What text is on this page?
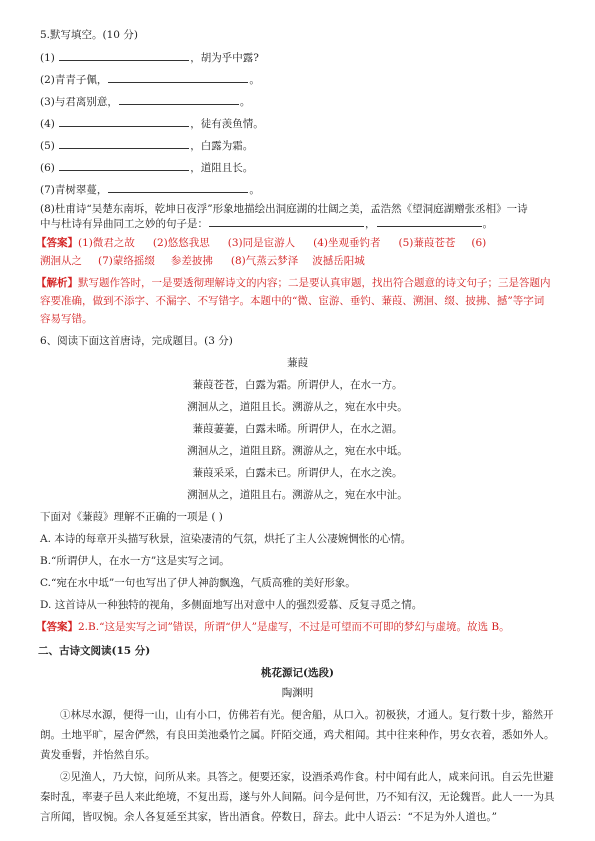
5.默写填空。(10 分)
(1)	，胡为乎中露?
(2)青青子佩，	。
(3)与君离别意，	。
(4)	，徒有羡鱼情。
(5)	，白露为霜。
(6)	，道阻且长。
(7)青树翠蔓，	。
(8)杜甫诗“吴楚东南坼，乾坤日夜浮”形象地描绘出洞庭湖的壮阔之美，孟浩然《望洞庭湖赠张丞相》一诗
中与杜诗有异曲同工之妙的句子是：	，	。
【答案】(1)微君之故 (2)悠悠我思 (3)同是宦游人 (4)坐观垂钓者 (5)蒹葭苍苍 (6)
溯洄从之 (7)蒙络摇缀 参差披拂 (8)气蒸云梦泽 波撼岳阳城
【解析】默写题作答时，一是要透彻理解诗文的内容；二是要认真审题，找出符合题意的诗文句子；三是答题内
容要准确，做到不添字、不漏字、不写错字。本题中的“微、宦游、垂钓、蒹葭、溯洄、缀、披拂、撼”等字词
容易写错。
6、阅读下面这首唐诗，完成题目。(3 分)
蒹葭
蒹葭苍苍，白露为霜。所谓伊人，在水一方。
溯洄从之，道阻且长。溯游从之，宛在水中央。
蒹葭萋萋，白露未晞。所谓伊人，在水之湄。
溯洄从之，道阻且跻。溯游从之，宛在水中坻。
蒹葭采采，白露未已。所谓伊人，在水之涘。
溯洄从之，道阻且右。溯游从之，宛在水中沚。
下面对《蒹葭》理解不正确的一项是 ( )
A. 本诗的每章开头描写秋景，渲染凄清的气氛，烘托了主人公凄婉惆怅的心情。
B.“所谓伊人，在水一方”这是实写之词。
C.“宛在水中坻”一句也写出了伊人神韵飘逸，气质高雅的美好形象。
D. 这首诗从一种独特的视角，多侧面地写出对意中人的强烈爱慕、反复寻觅之情。
【答案】2.B.“这是实写之词”错误，所谓“伊人”是虚写，不过是可望而不可即的梦幻与虚境。故选 B。
二、古诗文阅读(15 分)
桃花源记(选段)
陶渊明
①林尽水源，便得一山，山有小口，仿佛若有光。便舍船，从口入。初极狭，才通人。复行数十步，豁然开
朗。土地平旷，屋舍俨然，有良田美池桑竹之属。阡陌交通，鸡犬相闻。其中往来种作，男女衣着，悉如外人。
黄发垂髫，并怡然自乐。
②见渔人，乃大惊，问所从来。具答之。便要还家，设酒杀鸡作食。村中闻有此人，咸来问讯。自云先世避
秦时乱，率妻子邑人来此绝境，不复出焉，遂与外人间隔。问今是何世，乃不知有汉，无论魏晋。此人一一为具
言所闻，皆叹惋。余人各复延至其家，皆出酒食。停数日，辞去。此中人语云：“不足为外人道也。”
